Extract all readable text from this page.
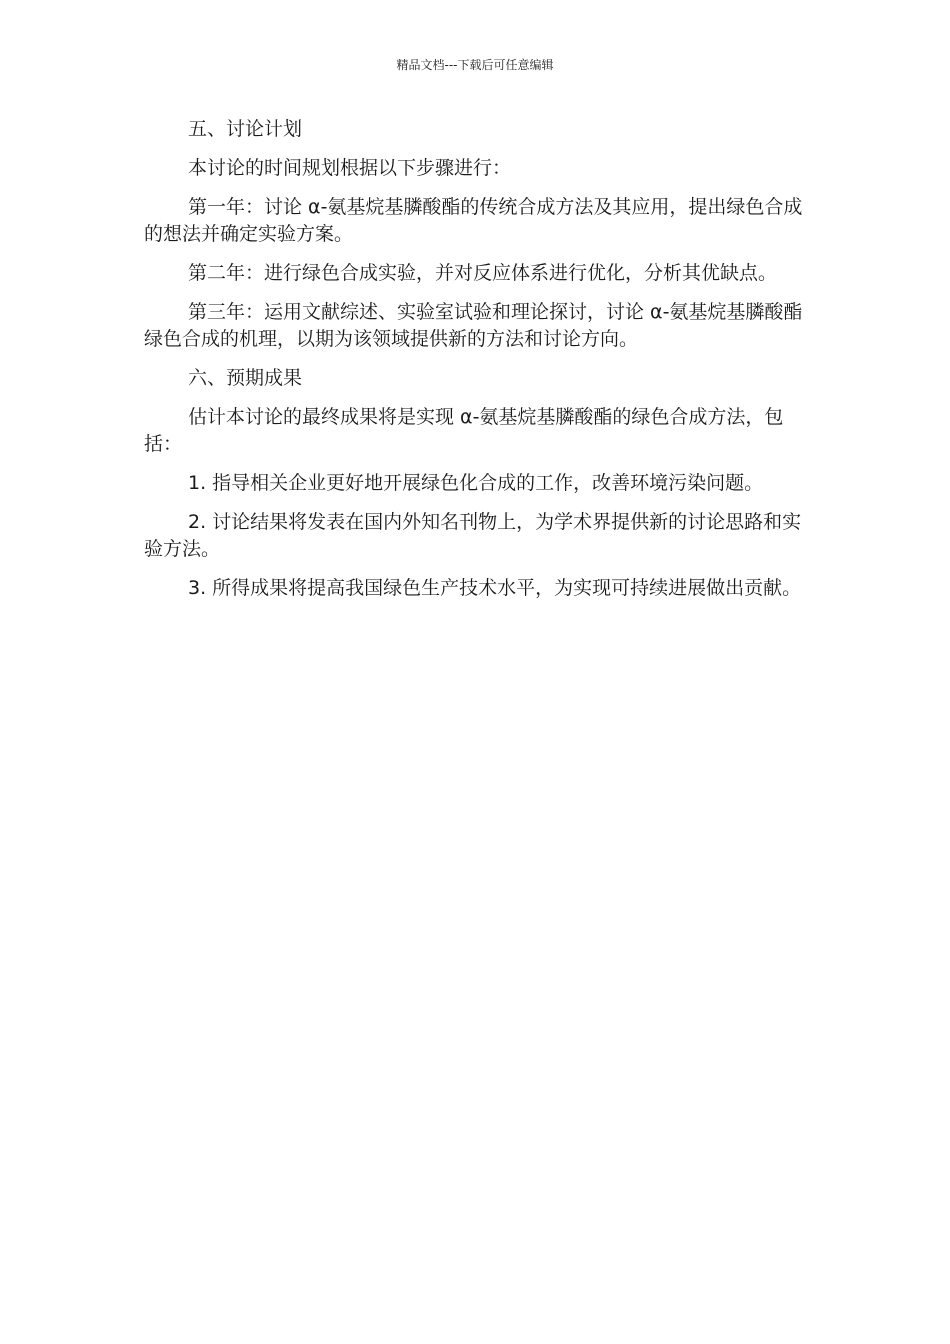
精品文档---下载后可任意编辑

五、讨论计划

本讨论的时间规划根据以下步骤进行：

第一年：讨论 α-氨基烷基膦酸酯的传统合成方法及其应用，提出绿色合成的想法并确定实验方案。

第二年：进行绿色合成实验，并对反应体系进行优化，分析其优缺点。

第三年：运用文献综述、实验室试验和理论探讨，讨论 α-氨基烷基膦酸酯绿色合成的机理，以期为该领域提供新的方法和讨论方向。

六、预期成果

估计本讨论的最终成果将是实现 α-氨基烷基膦酸酯的绿色合成方法，包括：

1. 指导相关企业更好地开展绿色化合成的工作，改善环境污染问题。

2. 讨论结果将发表在国内外知名刊物上，为学术界提供新的讨论思路和实验方法。

3. 所得成果将提高我国绿色生产技术水平，为实现可持续进展做出贡献。
